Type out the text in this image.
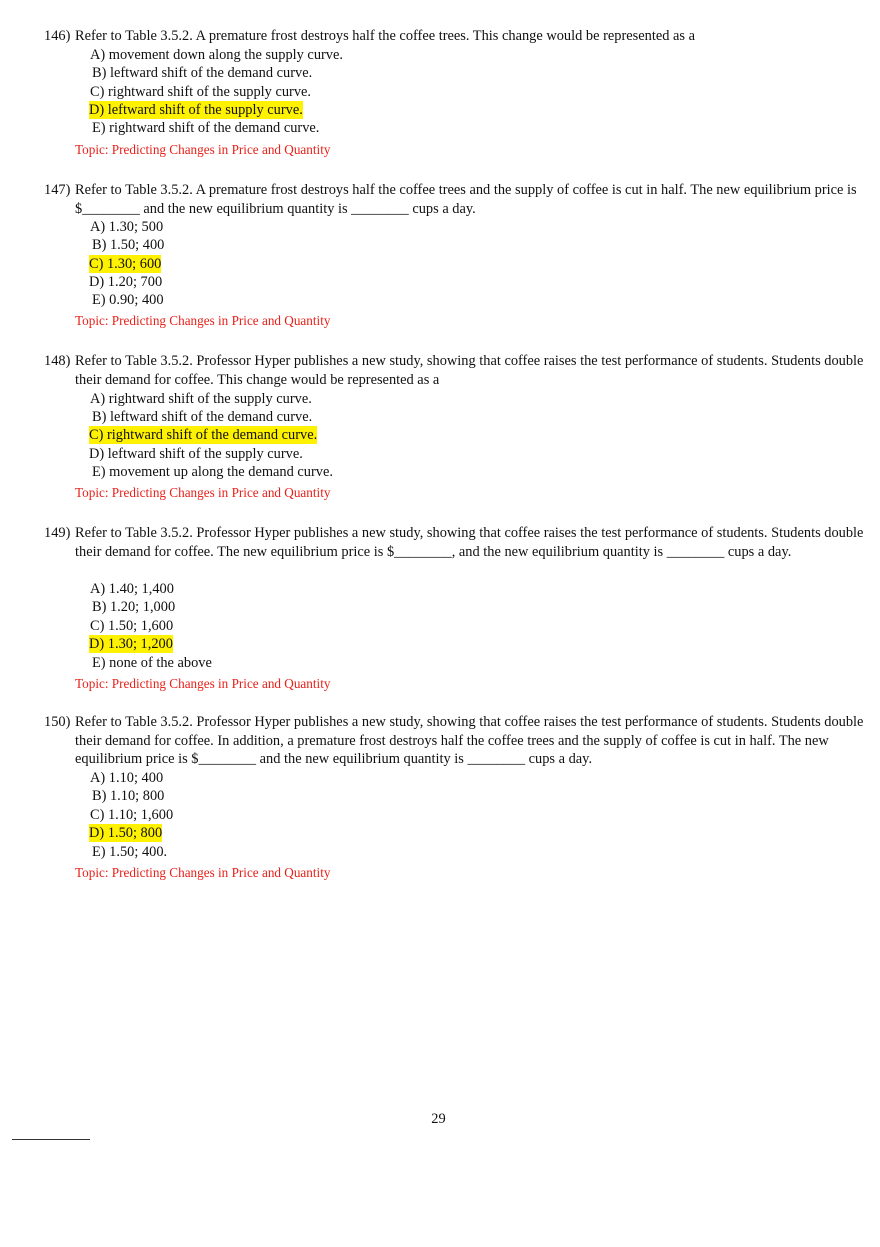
146) Refer to Table 3.5.2. A premature frost destroys half the coffee trees. This change would be represented as a
A) movement down along the supply curve.
B) leftward shift of the demand curve.
C) rightward shift of the supply curve.
D) leftward shift of the supply curve.
E) rightward shift of the demand curve.
Topic: Predicting Changes in Price and Quantity
147) Refer to Table 3.5.2. A premature frost destroys half the coffee trees and the supply of coffee is cut in half. The new equilibrium price is $________ and the new equilibrium quantity is ________ cups a day.
A) 1.30; 500
B) 1.50; 400
C) 1.30; 600
D) 1.20; 700
E) 0.90; 400
Topic: Predicting Changes in Price and Quantity
148) Refer to Table 3.5.2. Professor Hyper publishes a new study, showing that coffee raises the test performance of students. Students double their demand for coffee. This change would be represented as a
A) rightward shift of the supply curve.
B) leftward shift of the demand curve.
C) rightward shift of the demand curve.
D) leftward shift of the supply curve.
E) movement up along the demand curve.
Topic: Predicting Changes in Price and Quantity
149) Refer to Table 3.5.2. Professor Hyper publishes a new study, showing that coffee raises the test performance of students. Students double their demand for coffee. The new equilibrium price is $________, and the new equilibrium quantity is ________ cups a day.
A) 1.40; 1,400
B) 1.20; 1,000
C) 1.50; 1,600
D) 1.30; 1,200
E) none of the above
Topic: Predicting Changes in Price and Quantity
150) Refer to Table 3.5.2. Professor Hyper publishes a new study, showing that coffee raises the test performance of students. Students double their demand for coffee. In addition, a premature frost destroys half the coffee trees and the supply of coffee is cut in half. The new equilibrium price is $________ and the new equilibrium quantity is ________ cups a day.
A) 1.10; 400
B) 1.10; 800
C) 1.10; 1,600
D) 1.50; 800
E) 1.50; 400.
Topic: Predicting Changes in Price and Quantity
29
